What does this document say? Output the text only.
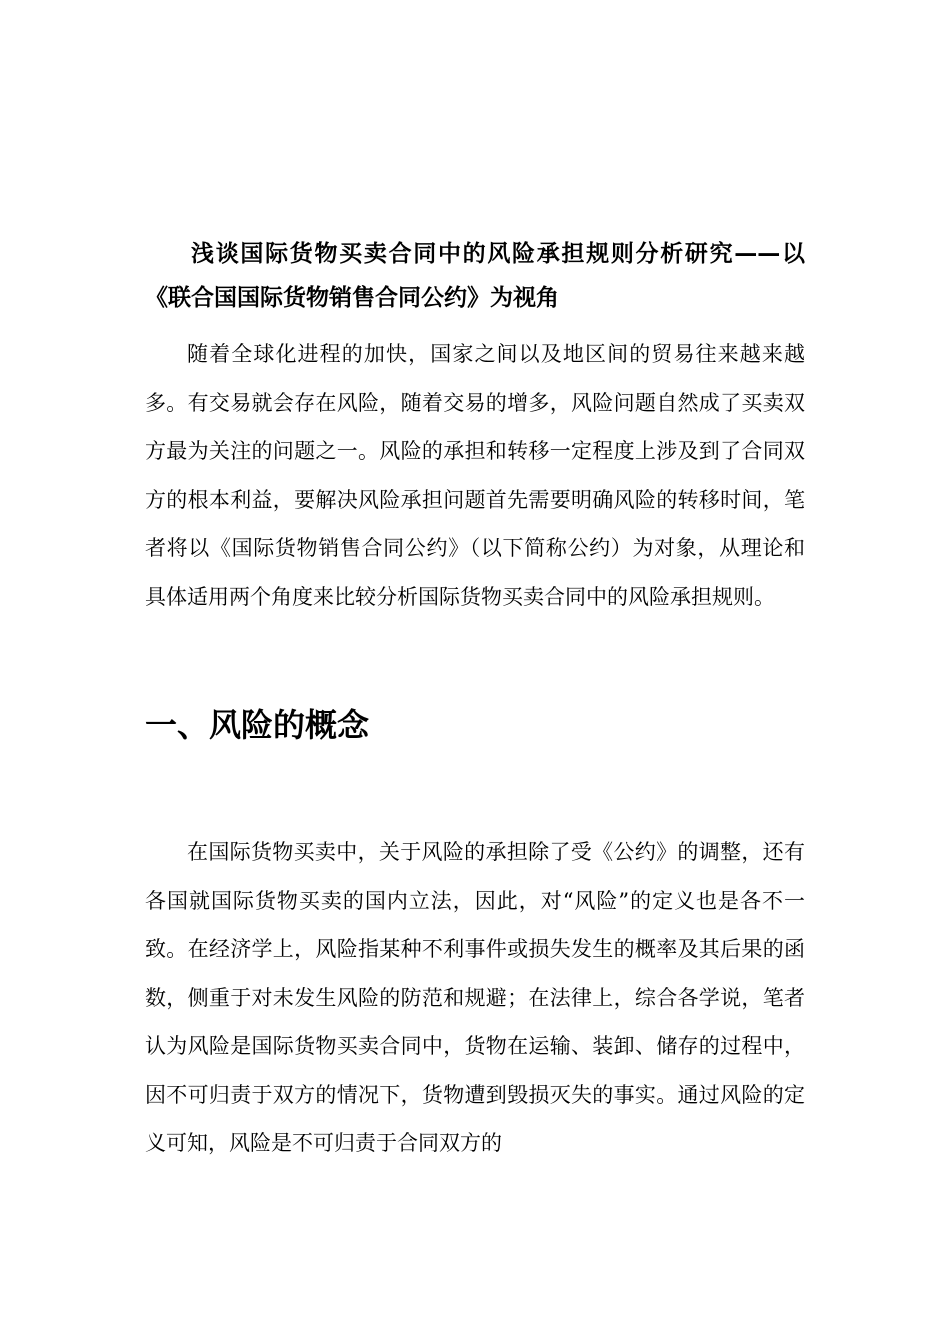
浅谈国际货物买卖合同中的风险承担规则分析研究——以《联合国国际货物销售合同公约》为视角

随着全球化进程的加快，国家之间以及地区间的贸易往来越来越多。有交易就会存在风险，随着交易的增多，风险问题自然成了买卖双方最为关注的问题之一。风险的承担和转移一定程度上涉及到了合同双方的根本利益，要解决风险承担问题首先需要明确风险的转移时间，笔者将以《国际货物销售合同公约》（以下简称公约）为对象，从理论和具体适用两个角度来比较分析国际货物买卖合同中的风险承担规则。

一、风险的概念

在国际货物买卖中，关于风险的承担除了受《公约》的调整，还有各国就国际货物买卖的国内立法，因此，对“风险”的定义也是各不一致。在经济学上，风险指某种不利事件或损失发生的概率及其后果的函数，侧重于对未发生风险的防范和规避；在法律上，综合各学说，笔者认为风险是国际货物买卖合同中，货物在运输、装卸、储存的过程中，因不可归责于双方的情况下，货物遭到毁损灭失的事实。通过风险的定义可知，风险是不可归责于合同双方的
